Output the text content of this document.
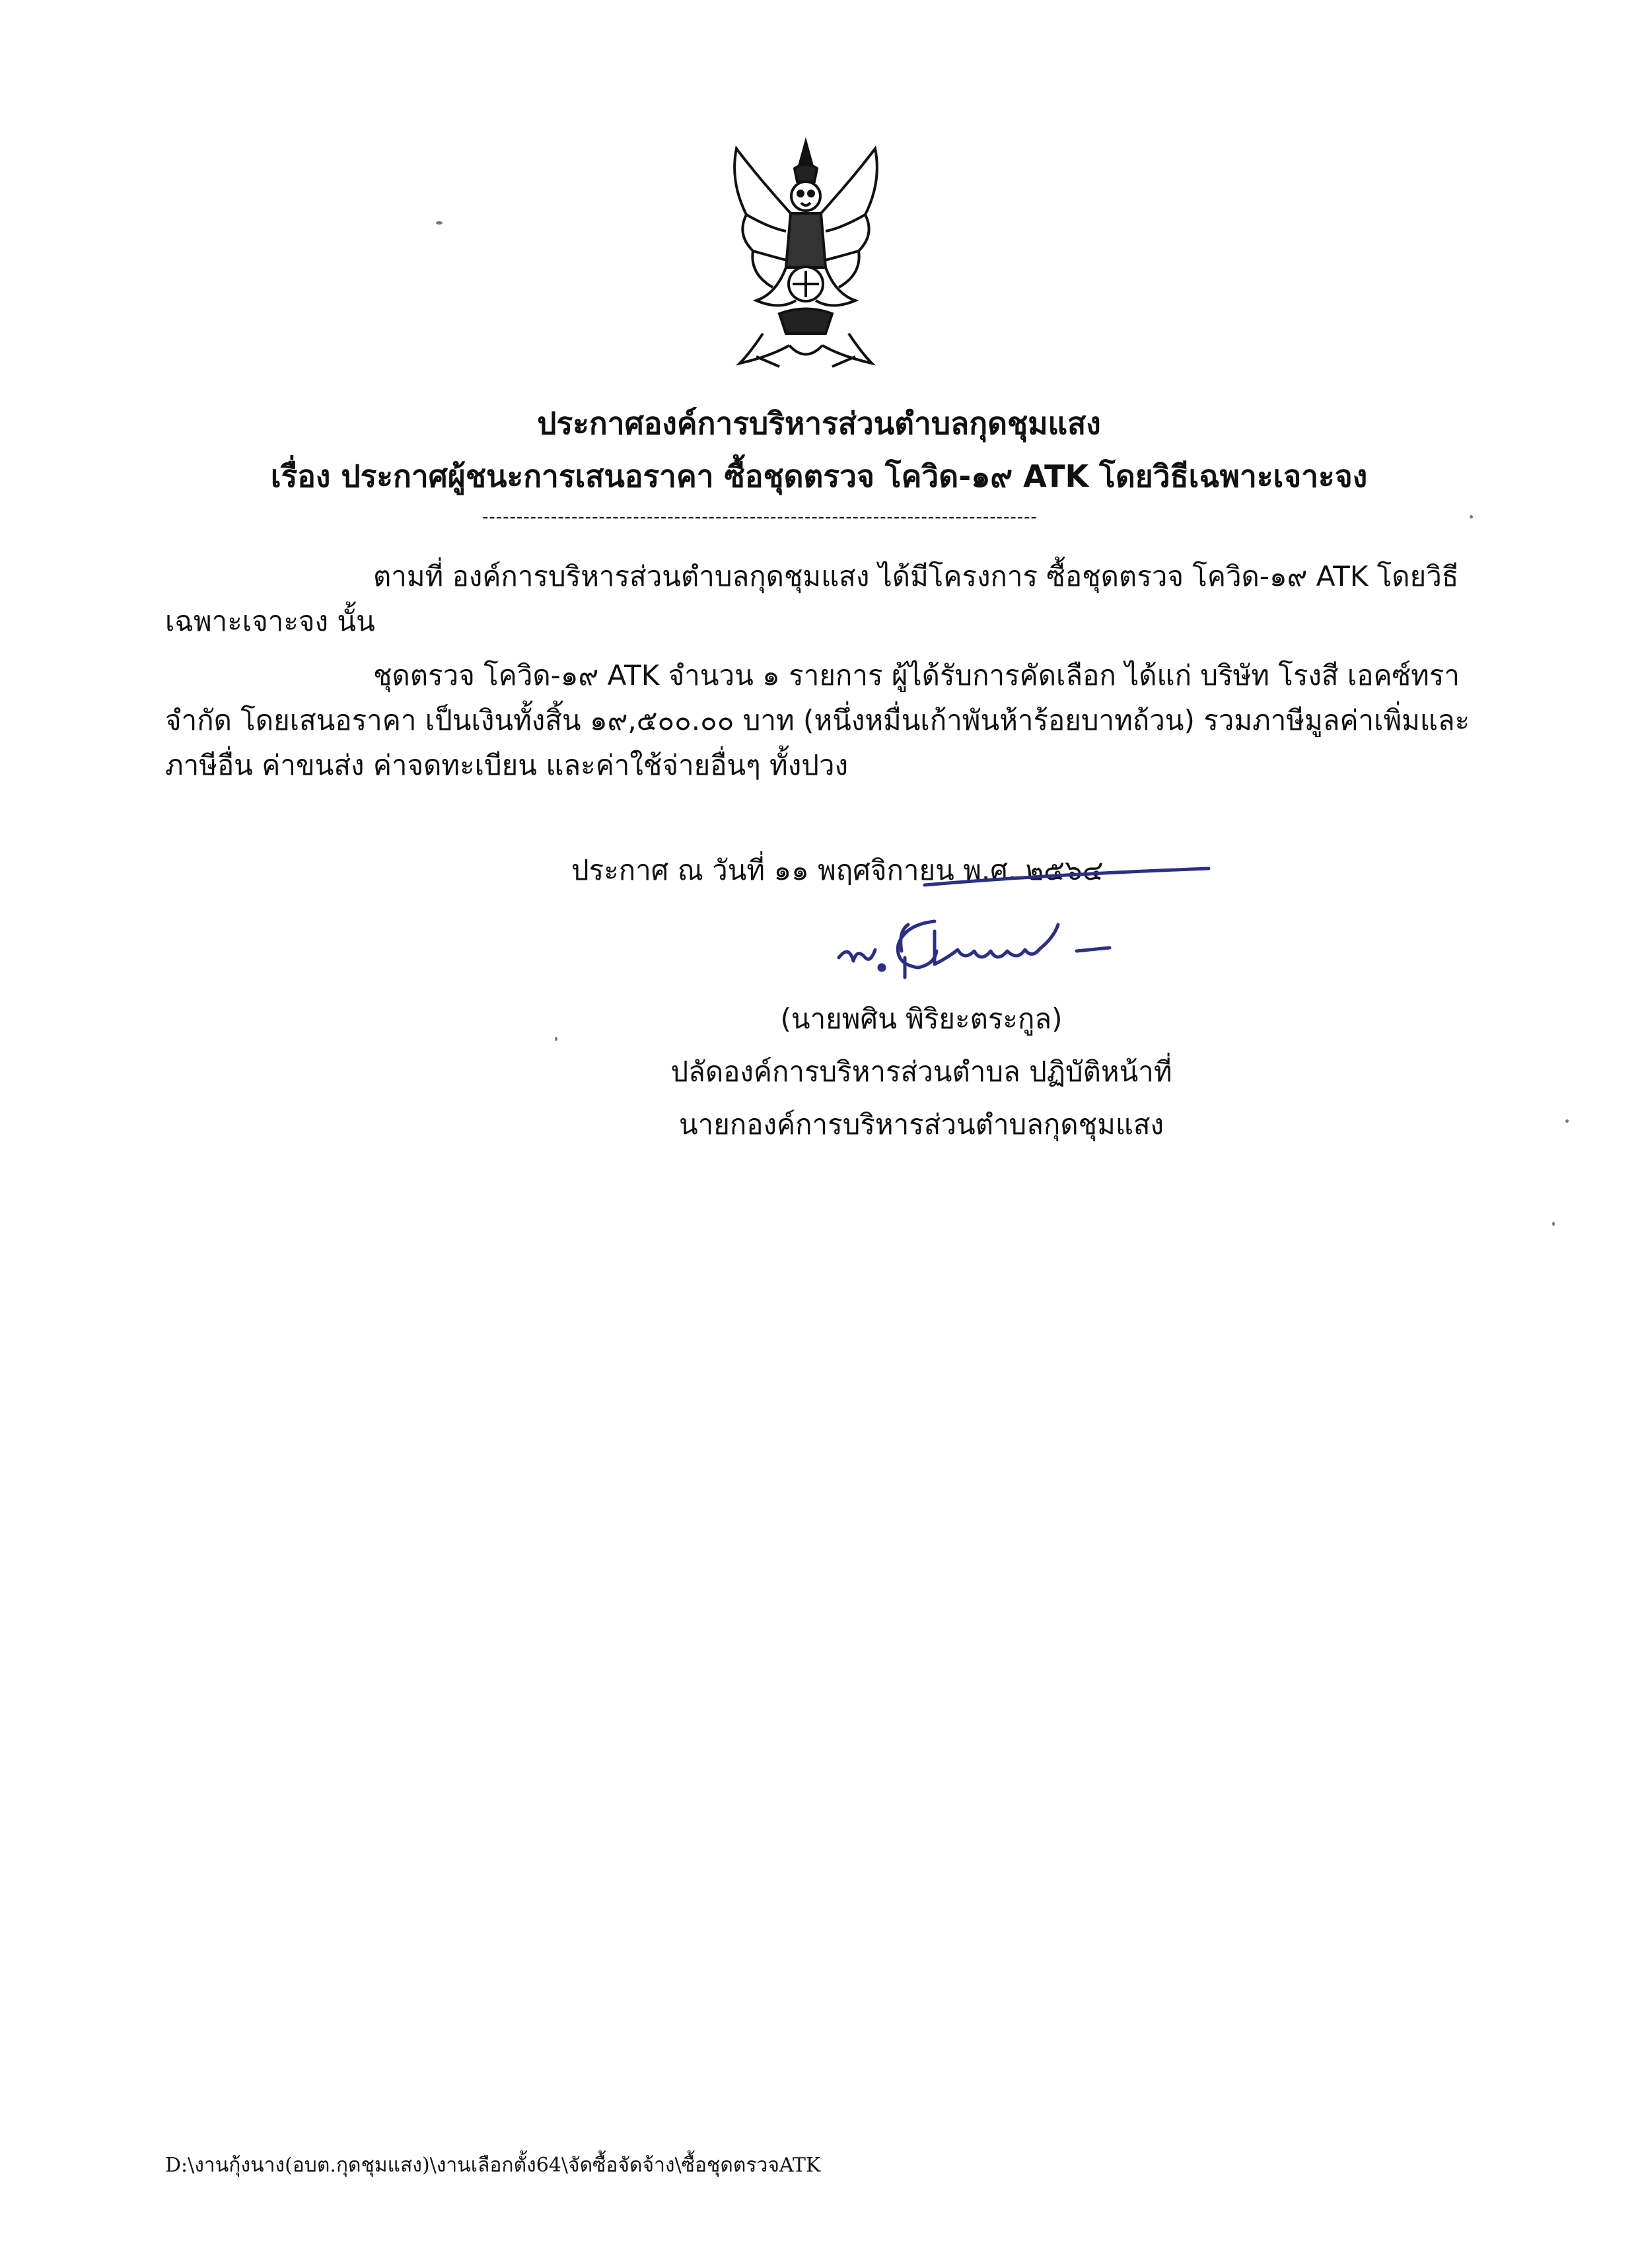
ประกาศองค์การบริหารส่วนตำบลกุดชุมแสง
เรื่อง ประกาศผู้ชนะการเสนอราคา ซื้อชุดตรวจ โควิด-๑๙ ATK โดยวิธีเฉพาะเจาะจง
---------------------------------------------------------------------------------
ตามที่ องค์การบริหารส่วนตำบลกุดชุมแสง ได้มีโครงการ ซื้อชุดตรวจ โควิด-๑๙ ATK โดยวิธี
เฉพาะเจาะจง นั้น
ชุดตรวจ โควิด-๑๙ ATK จำนวน ๑ รายการ ผู้ได้รับการคัดเลือก ได้แก่ บริษัท โรงสี เอคซ์ทรา
จำกัด โดยเสนอราคา เป็นเงินทั้งสิ้น ๑๙,๕๐๐.๐๐ บาท (หนึ่งหมื่นเก้าพันห้าร้อยบาทถ้วน) รวมภาษีมูลค่าเพิ่มและ
ภาษีอื่น ค่าขนส่ง ค่าจดทะเบียน และค่าใช้จ่ายอื่นๆ ทั้งปวง
ประกาศ ณ วันที่ ๑๑ พฤศจิกายน พ.ศ. ๒๕๖๔
(นายพศิน พิริยะตระกูล)
ปลัดองค์การบริหารส่วนตำบล ปฏิบัติหน้าที่
นายกองค์การบริหารส่วนตำบลกุดชุมแสง
D:\งานกุ้งนาง(อบต.กุดชุมแสง)\งานเลือกตั้ง64\จัดซื้อจัดจ้าง\ซื้อชุดตรวจATK
